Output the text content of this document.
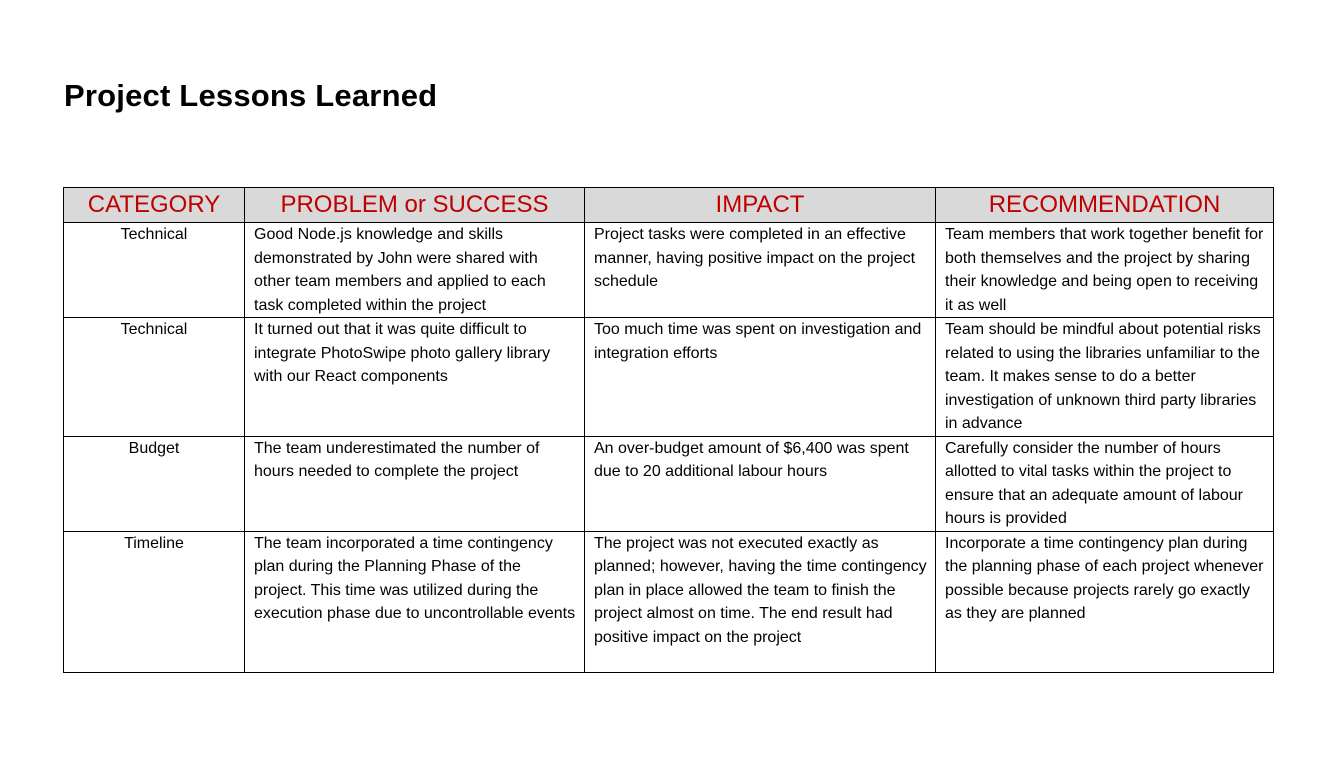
Project Lessons Learned
CATEGORY	PROBLEM or SUCCESS	IMPACT	RECOMMENDATION
Technical	Good Node.js knowledge and skills demonstrated by John were shared with other team members and applied to each task completed within the project	Project tasks were completed in an effective manner, having positive impact on the project schedule	Team members that work together benefit for both themselves and the project by sharing their knowledge and being open to receiving it as well
Technical	It turned out that it was quite difficult to integrate PhotoSwipe photo gallery library with our React components	Too much time was spent on investigation and integration efforts	Team should be mindful about potential risks related to using the libraries unfamiliar to the team. It makes sense to do a better investigation of unknown third party libraries in advance
Budget	The team underestimated the number of hours needed to complete the project	An over-budget amount of $6,400 was spent due to 20 additional labour hours	Carefully consider the number of hours allotted to vital tasks within the project to ensure that an adequate amount of labour hours is provided
Timeline	The team incorporated a time contingency plan during the Planning Phase of the project. This time was utilized during the execution phase due to uncontrollable events	The project was not executed exactly as planned; however, having the time contingency plan in place allowed the team to finish the project almost on time. The end result had positive impact on the project	Incorporate a time contingency plan during the planning phase of each project whenever possible because projects rarely go exactly as they are planned
